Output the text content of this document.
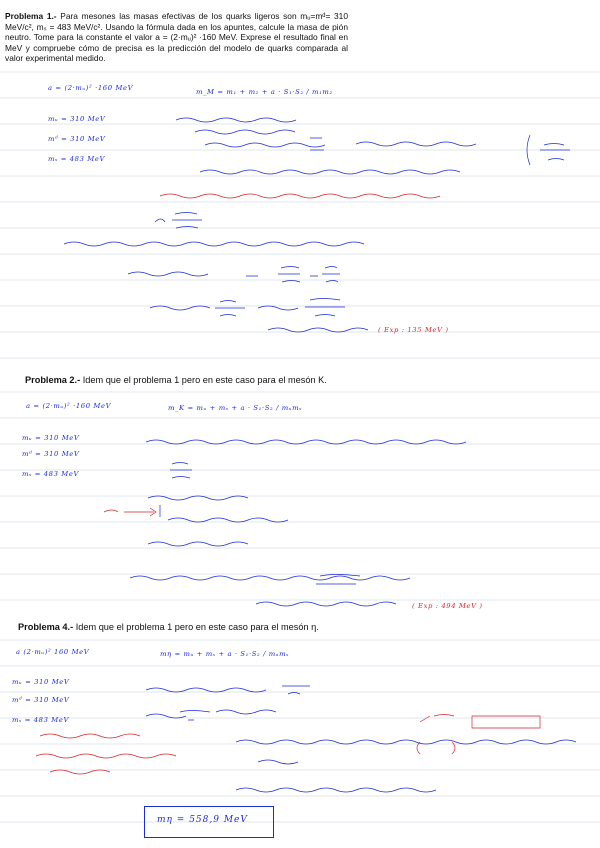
Problema 1.- Para mesones las masas efectivas de los quarks ligeros son mᵤ=mᵈ= 310 MeV/c², mₛ = 483 MeV/c². Usando la fórmula dada en los apuntes, calcule la masa de pión neutro. Tome para la constante el valor a = (2·mᵤ)² ·160 MeV. Exprese el resultado final en MeV y compruebe cómo de precisa es la predicción del modelo de quarks comparada al valor experimental medido.
a = (2·mᵤ)² ·160 MeV	m_M = m₁ + m₂ + a · S₁·S₂ / m₁m₂
mᵤ = 310 MeV
mᵈ = 310 MeV
mₛ = 483 MeV
( Exp : 135 MeV )
Problema 2.- Idem que el problema 1 pero en este caso para el mesón K.
a = (2·mᵤ)² ·160 MeV	m_K = mᵤ + mₛ + a · S₁·S₂ / mᵤmₛ
mᵤ = 310 MeV
mᵈ = 310 MeV
mₛ = 483 MeV
( Exp : 494 MeV )
Problema 4.- Idem que el problema 1 pero en este caso para el mesón η.
a (2·mᵤ)² 160 MeV	mη = mᵤ + mₛ + a · S₁·S₂ / mᵤmₛ
mᵤ = 310 MeV
mᵈ = 310 MeV
mₛ = 483 MeV
mη = 558,9 MeV
